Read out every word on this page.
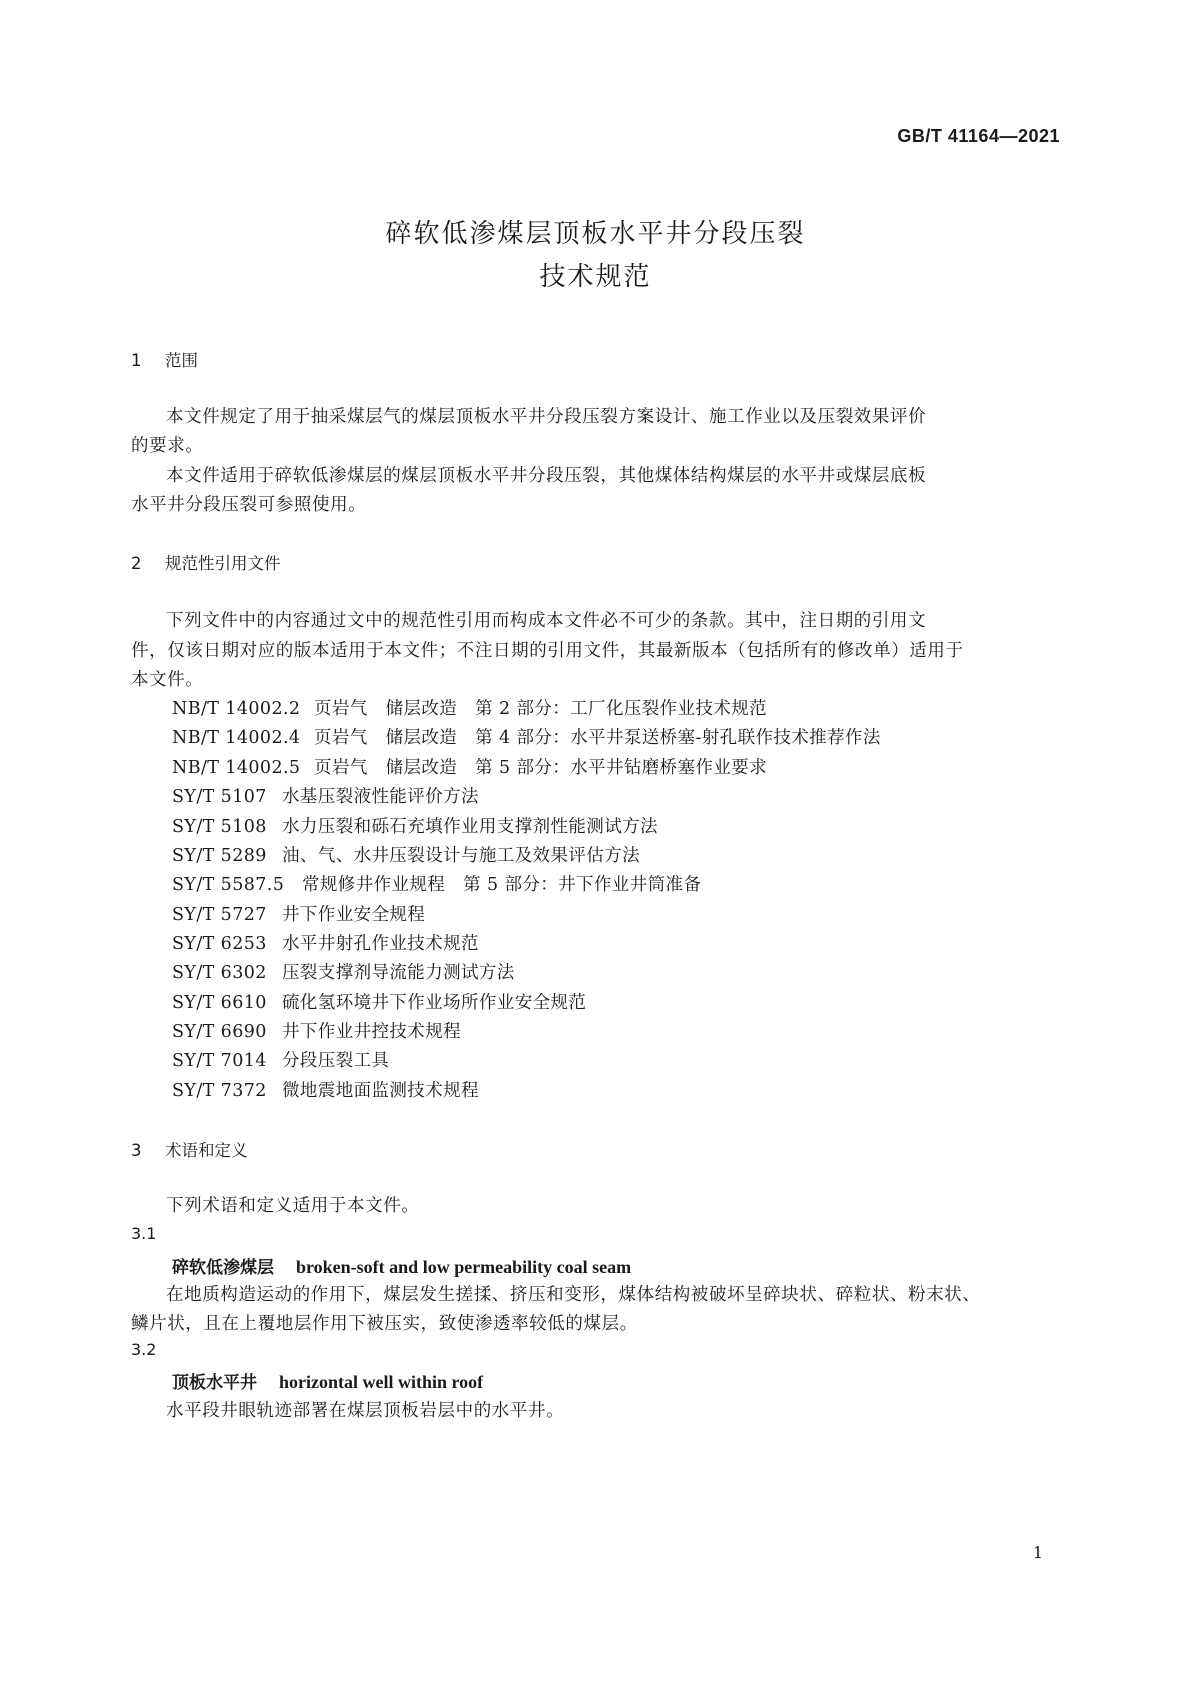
GB/T 41164—2021
碎软低渗煤层顶板水平井分段压裂
技术规范
1 范围
本文件规定了用于抽采煤层气的煤层顶板水平井分段压裂方案设计、施工作业以及压裂效果评价
的要求。
本文件适用于碎软低渗煤层的煤层顶板水平井分段压裂，其他煤体结构煤层的水平井或煤层底板
水平井分段压裂可参照使用。
2 规范性引用文件
下列文件中的内容通过文中的规范性引用而构成本文件必不可少的条款。其中，注日期的引用文
件，仅该日期对应的版本适用于本文件；不注日期的引用文件，其最新版本（包括所有的修改单）适用于
本文件。
NB/T 14002.2 页岩气　储层改造　第 2 部分：工厂化压裂作业技术规范
NB/T 14002.4 页岩气　储层改造　第 4 部分：水平井泵送桥塞-射孔联作技术推荐作法
NB/T 14002.5 页岩气　储层改造　第 5 部分：水平井钻磨桥塞作业要求
SY/T 5107 水基压裂液性能评价方法
SY/T 5108 水力压裂和砾石充填作业用支撑剂性能测试方法
SY/T 5289 油、气、水井压裂设计与施工及效果评估方法
SY/T 5587.5 常规修井作业规程　第 5 部分：井下作业井筒准备
SY/T 5727 井下作业安全规程
SY/T 6253 水平井射孔作业技术规范
SY/T 6302 压裂支撑剂导流能力测试方法
SY/T 6610 硫化氢环境井下作业场所作业安全规范
SY/T 6690 井下作业井控技术规程
SY/T 7014 分段压裂工具
SY/T 7372 微地震地面监测技术规程
3 术语和定义
下列术语和定义适用于本文件。
3.1
碎软低渗煤层 broken-soft and low permeability coal seam
在地质构造运动的作用下，煤层发生搓揉、挤压和变形，煤体结构被破坏呈碎块状、碎粒状、粉末状、
鳞片状，且在上覆地层作用下被压实，致使渗透率较低的煤层。
3.2
顶板水平井 horizontal well within roof
水平段井眼轨迹部署在煤层顶板岩层中的水平井。
1
